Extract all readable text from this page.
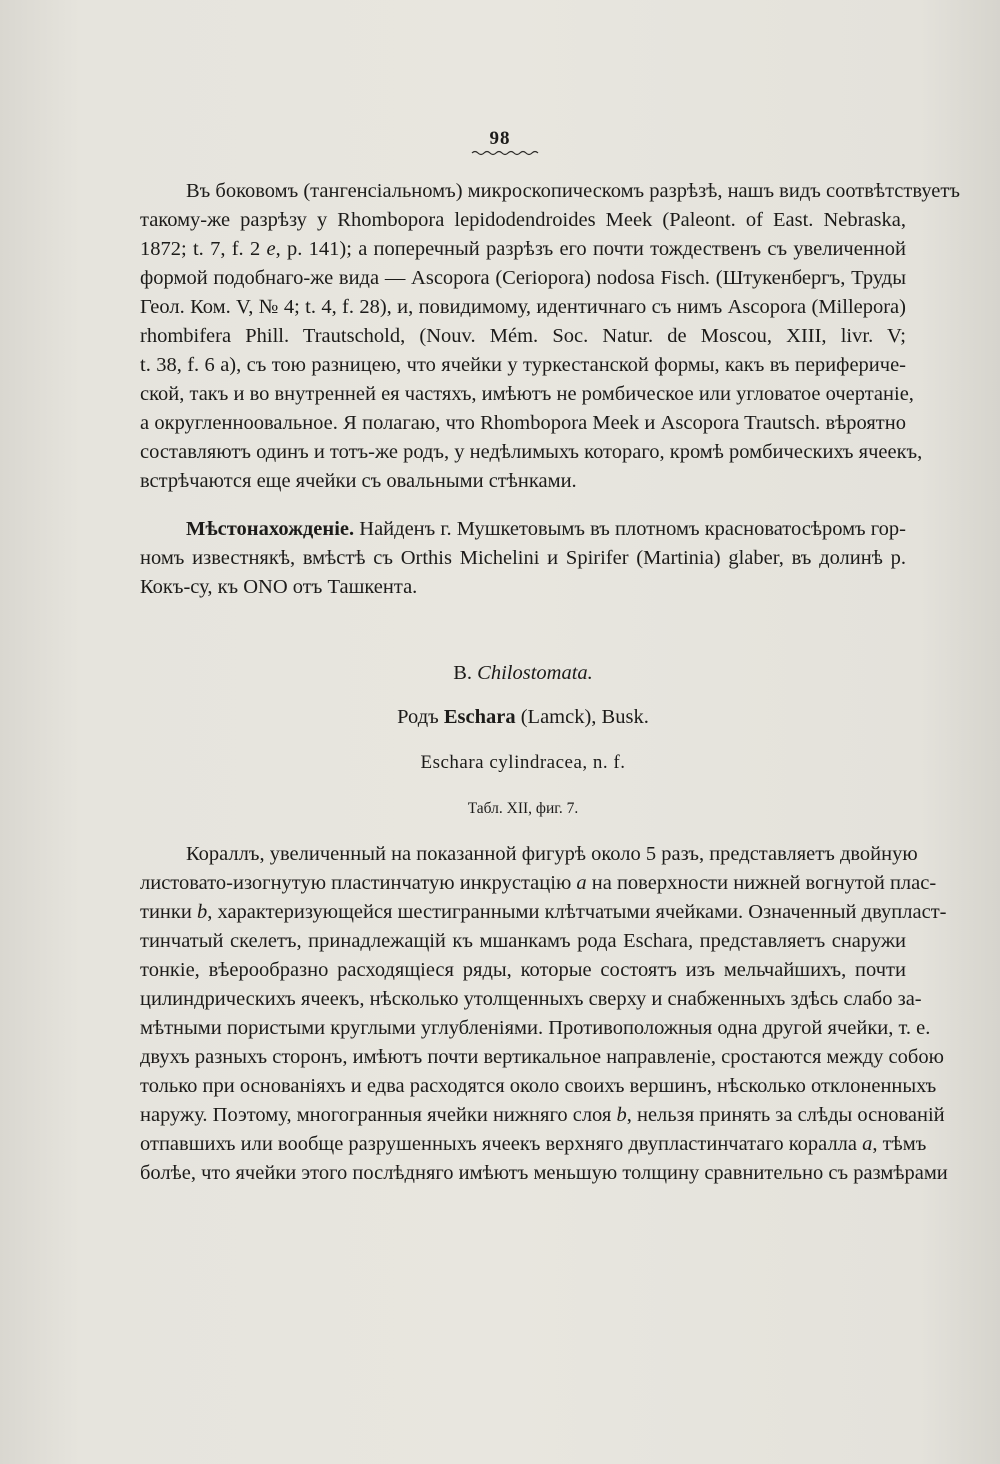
98
Въ боковомъ (тангенсіальномъ) микроскопическомъ разрѣзѣ, нашъ видъ соотвѣтствуетъ
такому-же разрѣзу у Rhombopora lepidodendroides Meek (Paleont. of East. Nebraska,
1872; t. 7, f. 2 e, p. 141); а поперечный разрѣзъ его почти тождественъ съ увеличенной
формой подобнаго-же вида — Ascopora (Ceriopora) nodosa Fisch. (Штукенбергъ, Труды
Геол. Ком. V, № 4; t. 4, f. 28), и, повидимому, идентичнаго съ нимъ Ascopora (Millepora)
rhombifera Phill. Trautschold, (Nouv. Mém. Soc. Natur. de Moscou, XIII, livr. V;
t. 38, f. 6 a), съ тою разницею, что ячейки у туркестанской формы, какъ въ перифериче-
ской, такъ и во внутренней ея частяхъ, имѣютъ не ромбическое или угловатое очертаніе,
а округленноовальное. Я полагаю, что Rhombopora Meek и Ascopora Trautsch. вѣроятно
составляютъ одинъ и тотъ-же родъ, у недѣлимыхъ котораго, кромѣ ромбическихъ ячеекъ,
встрѣчаются еще ячейки съ овальными стѣнками.
Мѣстонахожденіе. Найденъ г. Мушкетовымъ въ плотномъ красноватосѣромъ гор-
номъ известнякѣ, вмѣстѣ съ Orthis Michelini и Spirifer (Martinia) glaber, въ долинѣ р.
Кокъ-су, къ ONO отъ Ташкента.
B. Chilostomata.
Родъ Eschara (Lamck), Busk.
Eschara cylindracea, n. f.
Табл. XII, фиг. 7.
Кораллъ, увеличенный на показанной фигурѣ около 5 разъ, представляетъ двойную
листовато-изогнутую пластинчатую инкрустацію a на поверхности нижней вогнутой плас-
тинки b, характеризующейся шестигранными клѣтчатыми ячейками. Означенный двупласт-
тинчатый скелетъ, принадлежащій къ мшанкамъ рода Eschara, представляетъ снаружи
тонкіе, вѣерообразно расходящіеся ряды, которые состоятъ изъ мельчайшихъ, почти
цилиндрическихъ ячеекъ, нѣсколько утолщенныхъ сверху и снабженныхъ здѣсь слабо за-
мѣтными пористыми круглыми углубленіями. Противоположныя одна другой ячейки, т. е.
двухъ разныхъ сторонъ, имѣютъ почти вертикальное направленіе, сростаются между собою
только при основаніяхъ и едва расходятся около своихъ вершинъ, нѣсколько отклоненныхъ
наружу. Поэтому, многогранныя ячейки нижняго слоя b, нельзя принять за слѣды основаній
отпавшихъ или вообще разрушенныхъ ячеекъ верхняго двупластинчатаго коралла a, тѣмъ
болѣе, что ячейки этого послѣдняго имѣютъ меньшую толщину сравнительно съ размѣрами
